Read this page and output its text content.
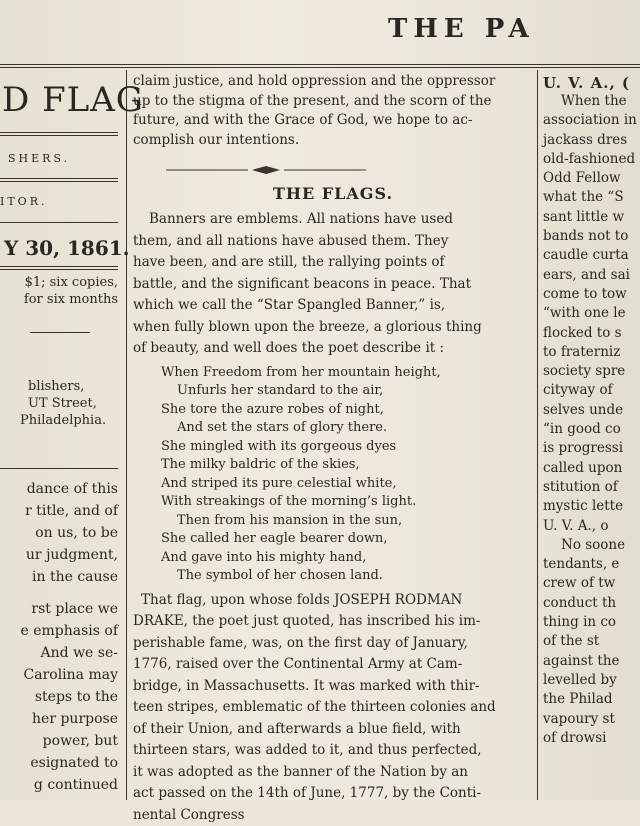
THE PA
D FLAG
SHERS.
ITOR.
Y 30, 1861.
$1; six copies,
for six months
blishers,
UT Street,
Philadelphia.
dance of this
r title, and of
on us, to be
ur judgment,
in the cause
rst place we
e emphasis of
And we se-
Carolina may
steps to the
her purpose
power, but
esignated to
g continued
claim justice, and hold oppression and the oppressor
up to the stigma of the present, and the scorn of the
future, and with the Grace of God, we hope to ac-
complish our intentions.
THE FLAGS.
Banners are emblems. All nations have used
them, and all nations have abused them. They
have been, and are still, the rallying points of
battle, and the significant beacons in peace. That
which we call the “Star Spangled Banner,” is,
when fully blown upon the breeze, a glorious thing
of beauty, and well does the poet describe it :
When Freedom from her mountain height,
Unfurls her standard to the air,
She tore the azure robes of night,
And set the stars of glory there.
She mingled with its gorgeous dyes
The milky baldric of the skies,
And striped its pure celestial white,
With streakings of the morning’s light.
Then from his mansion in the sun,
She called her eagle bearer down,
And gave into his mighty hand,
The symbol of her chosen land.
That flag, upon whose folds JOSEPH RODMAN
DRAKE, the poet just quoted, has inscribed his im-
perishable fame, was, on the first day of January,
1776, raised over the Continental Army at Cam-
bridge, in Massachusetts. It was marked with thir-
teen stripes, emblematic of the thirteen colonies and
of their Union, and afterwards a blue field, with
thirteen stars, was added to it, and thus perfected,
it was adopted as the banner of the Nation by an
act passed on the 14th of June, 1777, by the Conti-
nental Congress
U. V. A., (
When the
association in
jackass dres
old-fashioned
Odd Fellow
what the “S
sant little w
bands not to
caudle curta
ears, and sai
come to tow
“with one le
flocked to s
to fraterniz
society spre
cityway of
selves unde
“in good co
is progressi
called upon
stitution of
mystic lette
U. V. A., o
No soone
tendants, e
crew of tw
conduct th
thing in co
of the st
against the
levelled by
the Philad
vapoury st
of drowsi
